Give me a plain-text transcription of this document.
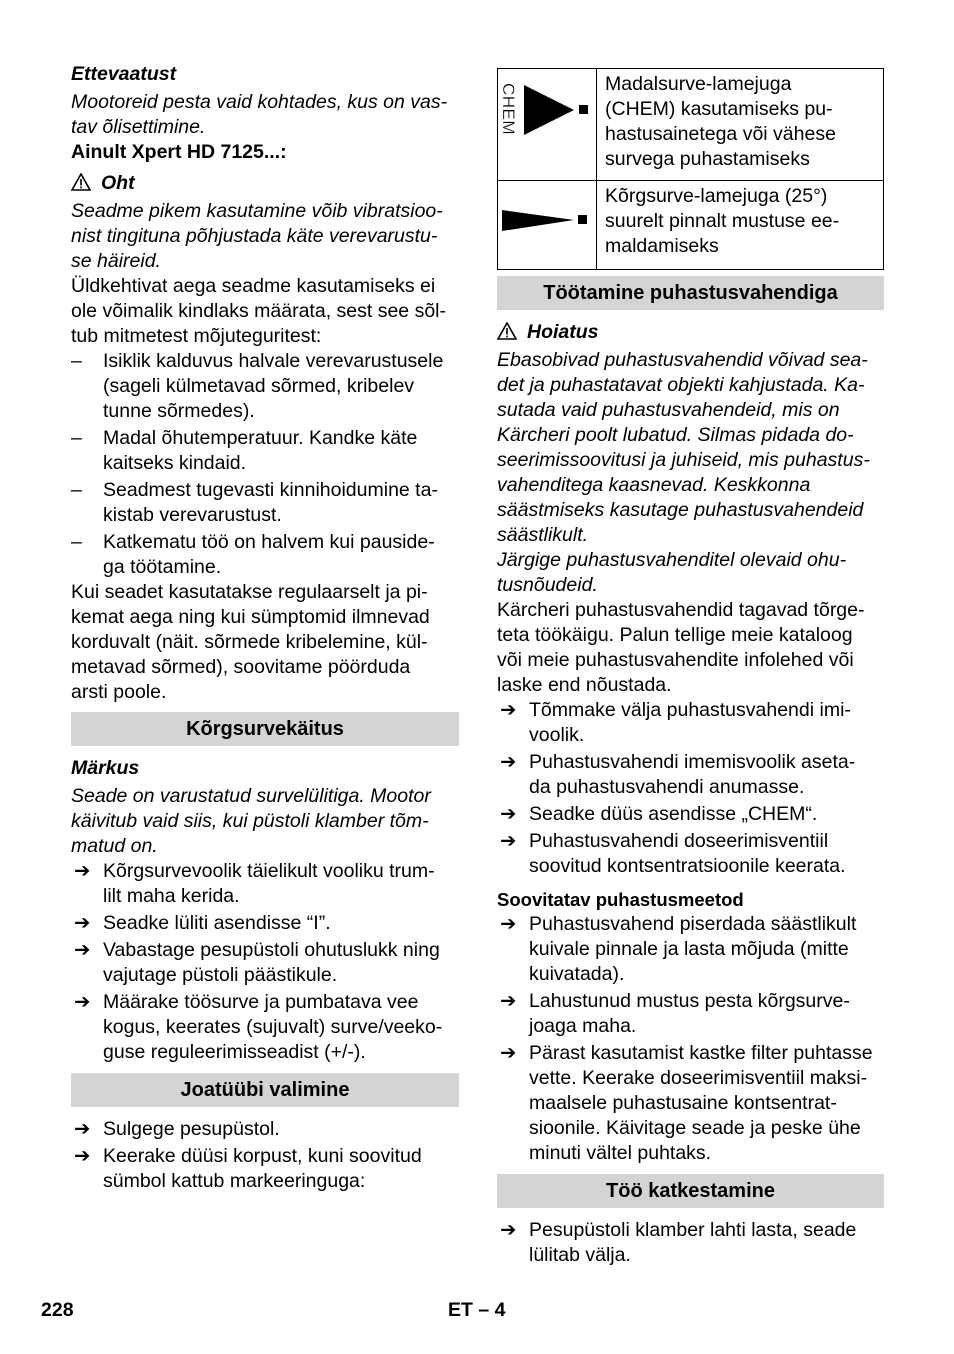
Ettevaatust

Mootoreid pesta vaid kohtades, kus on vas-
tav õlisettimine.

Ainult Xpert HD 7125...:

Oht

Seadme pikem kasutamine võib vibratsioo-
nist tingituna põhjustada käte verevarustu-
se häireid.

Üldkehtivat aega seadme kasutamiseks ei
ole võimalik kindlaks määrata, sest see sõl-
tub mitmetest mõjuteguritest:

– Isiklik kalduvus halvale verevarustusele
(sageli külmetavad sõrmed, kribelev
tunne sõrmedes).
– Madal õhutemperatuur. Kandke käte
kaitseks kindaid.
– Seadmest tugevasti kinnihoidumine ta-
kistab verevarustust.
– Katkematu töö on halvem kui pauside-
ga töötamine.

Kui seadet kasutatakse regulaarselt ja pi-
kemat aega ning kui sümptomid ilmnevad
korduvalt (näit. sõrmede kribelemine, kül-
metavad sõrmed), soovitame pöörduda
arsti poole.

Kõrgsurvekäitus

Märkus

Seade on varustatud survelülitiga. Mootor
käivitub vaid siis, kui püstoli klamber tõm-
matud on.

➔ Kõrgsurvevoolik täielikult vooliku trum-
lilt maha kerida.
➔ Seadke lüliti asendisse “I”.
➔ Vabastage pesupüstoli ohutuslukk ning
vajutage püstoli päästikule.
➔ Määrake töösurve ja pumbatava vee
kogus, keerates (sujuvalt) surve/veeko-
guse reguleerimisseadist (+/-).
Joatüübi valimine
➔ Sulgege pesupüstol.
➔ Keerake düüsi korpust, kuni soovitud
sümbol kattub markeeringuga:
CHEM	Madalsurve-lamejuga
(CHEM) kasutamiseks pu-
hastusainetega või vähese
survega puhastamiseks

	Kõrgsurve-lamejuga (25°)
suurelt pinnalt mustuse ee-
maldamiseks
Töötamine puhastusvahendiga

Hoiatus

Ebasobivad puhastusvahendid võivad sea-
det ja puhastatavat objekti kahjustada. Ka-
sutada vaid puhastusvahendeid, mis on
Kärcheri poolt lubatud. Silmas pidada do-
seerimissoovitusi ja juhiseid, mis puhastus-
vahenditega kaasnevad. Keskkonna
säästmiseks kasutage puhastusvahendeid
säästlikult.
Järgige puhastusvahenditel olevaid ohu-
tusnõudeid.

Kärcheri puhastusvahendid tagavad tõrge-
teta töökäigu. Palun tellige meie kataloog
või meie puhastusvahendite infolehed või
laske end nõustada.

➔ Tõmmake välja puhastusvahendi imi-
voolik.
➔ Puhastusvahendi imemisvoolik aseta-
da puhastusvahendi anumasse.
➔ Seadke düüs asendisse „CHEM“.
➔ Puhastusvahendi doseerimisventiil
soovitud kontsentratsioonile keerata.

Soovitatav puhastusmeetod

➔ Puhastusvahend piserdada säästlikult
kuivale pinnale ja lasta mõjuda (mitte
kuivatada).
➔ Lahustunud mustus pesta kõrgsurve-
joaga maha.
➔ Pärast kasutamist kastke filter puhtasse
vette. Keerake doseerimisventiil maksi-
maalsele puhastusaine kontsentrat-
sioonile. Käivitage seade ja peske ühe
minuti vältel puhtaks.
Töö katkestamine
➔ Pesupüstoli klamber lahti lasta, seade
lülitab välja.
228	ET – 4
